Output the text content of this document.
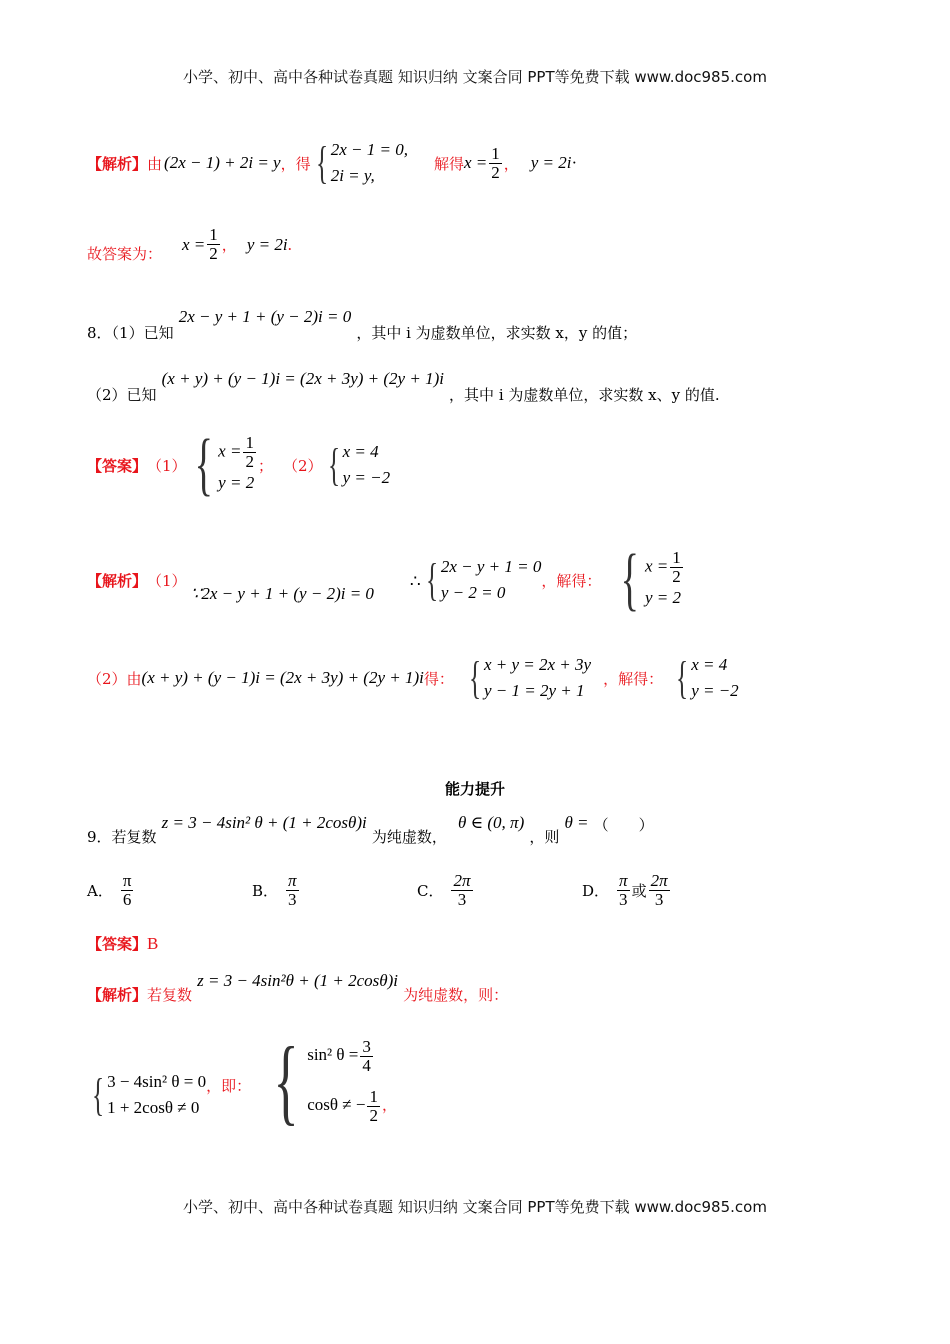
小学、初中、高中各种试卷真题 知识归纳 文案合同 PPT等免费下载 www.doc985.com
【解析】 由 (2x − 1) + 2i = y ，得 { 2x − 1 = 0,
2i = y,
解得 $x = \frac{1}{2}$ ， y = 2i ·
故答案为：
$x = \frac{1}{2}$ ， y = 2i .
8．（1）已知 2x − y + 1 + (y − 2)i = 0 ，其中 i 为虚数单位，求实数 x，y 的值；
（2）已知 (x + y) + (y − 1)i = (2x + 3y) + (2y + 1)i ，其中 i 为虚数单位，求实数 x、y 的值.
【答案】 （1） { $x = \frac{1}{2}$
y = 2
； （2） { x = 4
y = −2
【解析】 （1）
∵2x − y + 1 + (y − 2)i = 0
∴ { 2x − y + 1 = 0
y − 2 = 0
，解得： { $x = \frac{1}{2}$
y = 2
（2）由 (x + y) + (y − 1)i = (2x + 3y) + (2y + 1)i 得： { x + y = 2x + 3y
y − 1 = 2y + 1
，解得： { x = 4
y = −2
能力提升
9．若复数 z = 3 − 4sin² θ + (1 + 2cosθ)i 为纯虚数， θ ∈ (0, π) ，则 θ = （　　）
A． $\frac{\pi}{6}$	B． $\frac{\pi}{3}$	C． $\frac{2\pi}{3}$	D． $\frac{\pi}{3}$ 或 $\frac{2\pi}{3}$
【答案】B
【解析】若复数 z = 3 − 4sin²θ + (1 + 2cosθ)i 为纯虚数，则：
{ 3 − 4sin² θ = 0
1 + 2cosθ ≠ 0
，即： { sin² $\theta = \frac{3}{4}$
cosθ ≠ − $\frac{1}{2}$ ，
小学、初中、高中各种试卷真题 知识归纳 文案合同 PPT等免费下载 www.doc985.com
